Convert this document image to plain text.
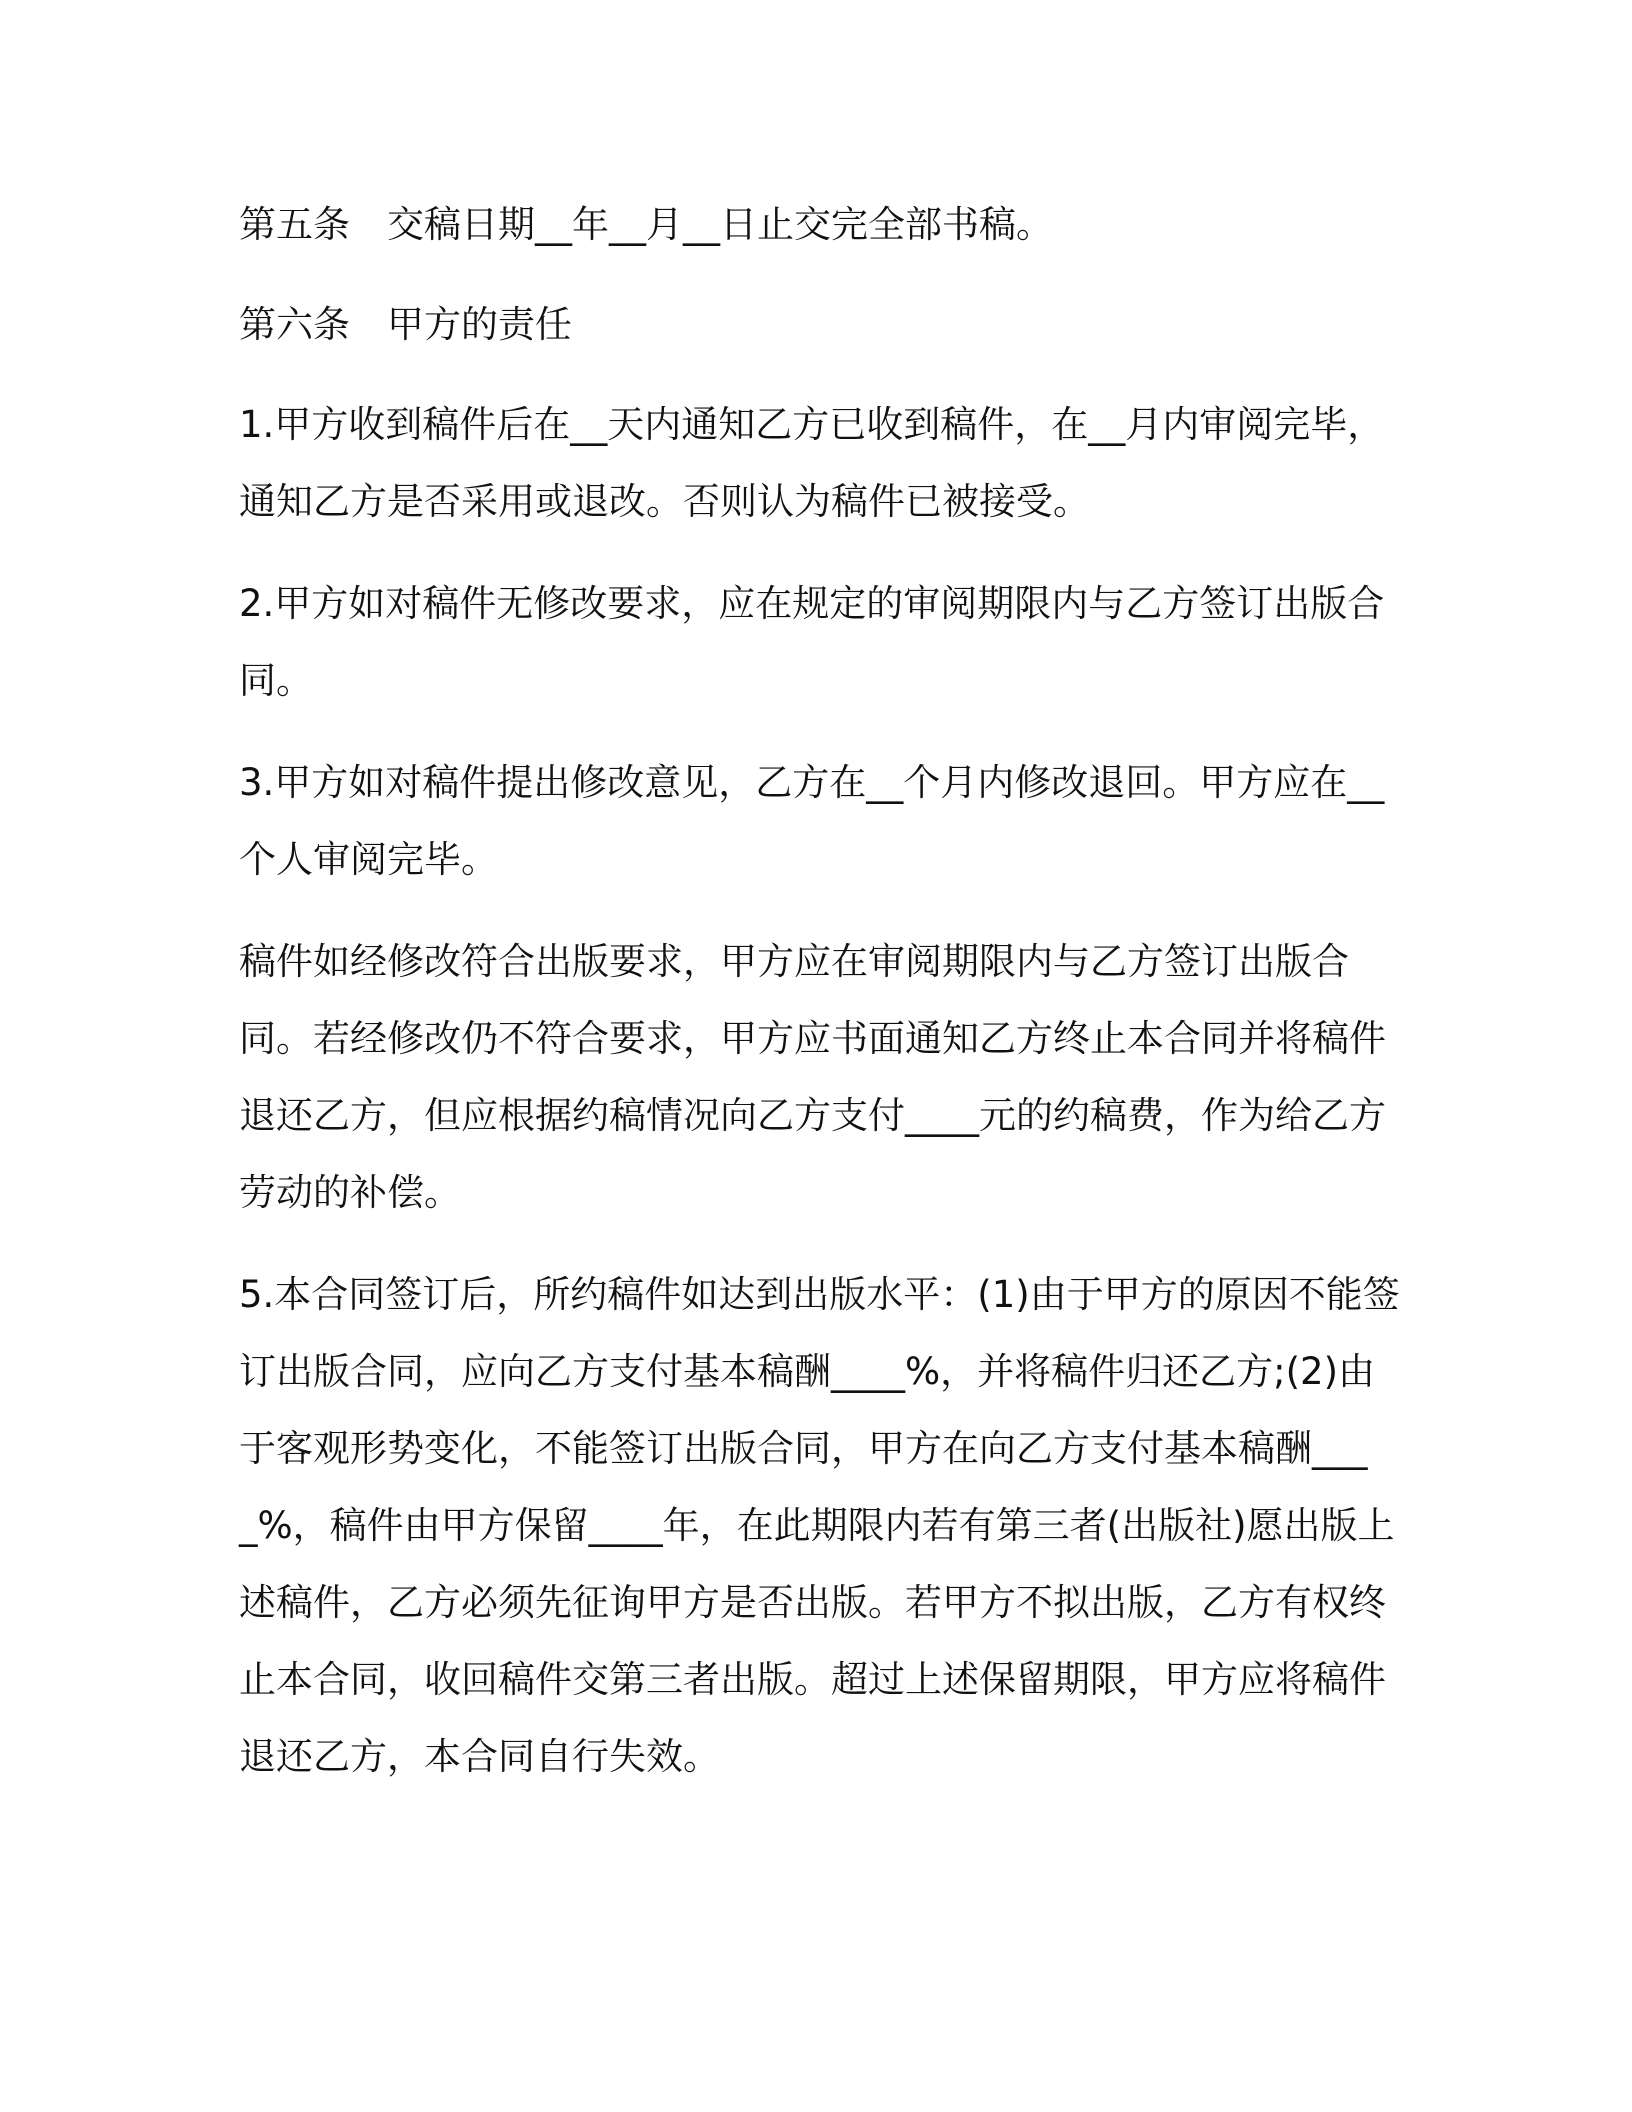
第五条　交稿日期__年__月__日止交完全部书稿。

第六条　甲方的责任

1.甲方收到稿件后在__天内通知乙方已收到稿件，在__月内审阅完毕，通知乙方是否采用或退改。否则认为稿件已被接受。

2.甲方如对稿件无修改要求，应在规定的审阅期限内与乙方签订出版合同。

3.甲方如对稿件提出修改意见，乙方在__个月内修改退回。甲方应在__个人审阅完毕。

稿件如经修改符合出版要求，甲方应在审阅期限内与乙方签订出版合同。若经修改仍不符合要求，甲方应书面通知乙方终止本合同并将稿件退还乙方，但应根据约稿情况向乙方支付____元的约稿费，作为给乙方劳动的补偿。

5.本合同签订后，所约稿件如达到出版水平：(1)由于甲方的原因不能签订出版合同，应向乙方支付基本稿酬____%，并将稿件归还乙方;(2)由于客观形势变化，不能签订出版合同，甲方在向乙方支付基本稿酬____%，稿件由甲方保留____年，在此期限内若有第三者(出版社)愿出版上述稿件，乙方必须先征询甲方是否出版。若甲方不拟出版，乙方有权终止本合同，收回稿件交第三者出版。超过上述保留期限，甲方应将稿件退还乙方，本合同自行失效。
